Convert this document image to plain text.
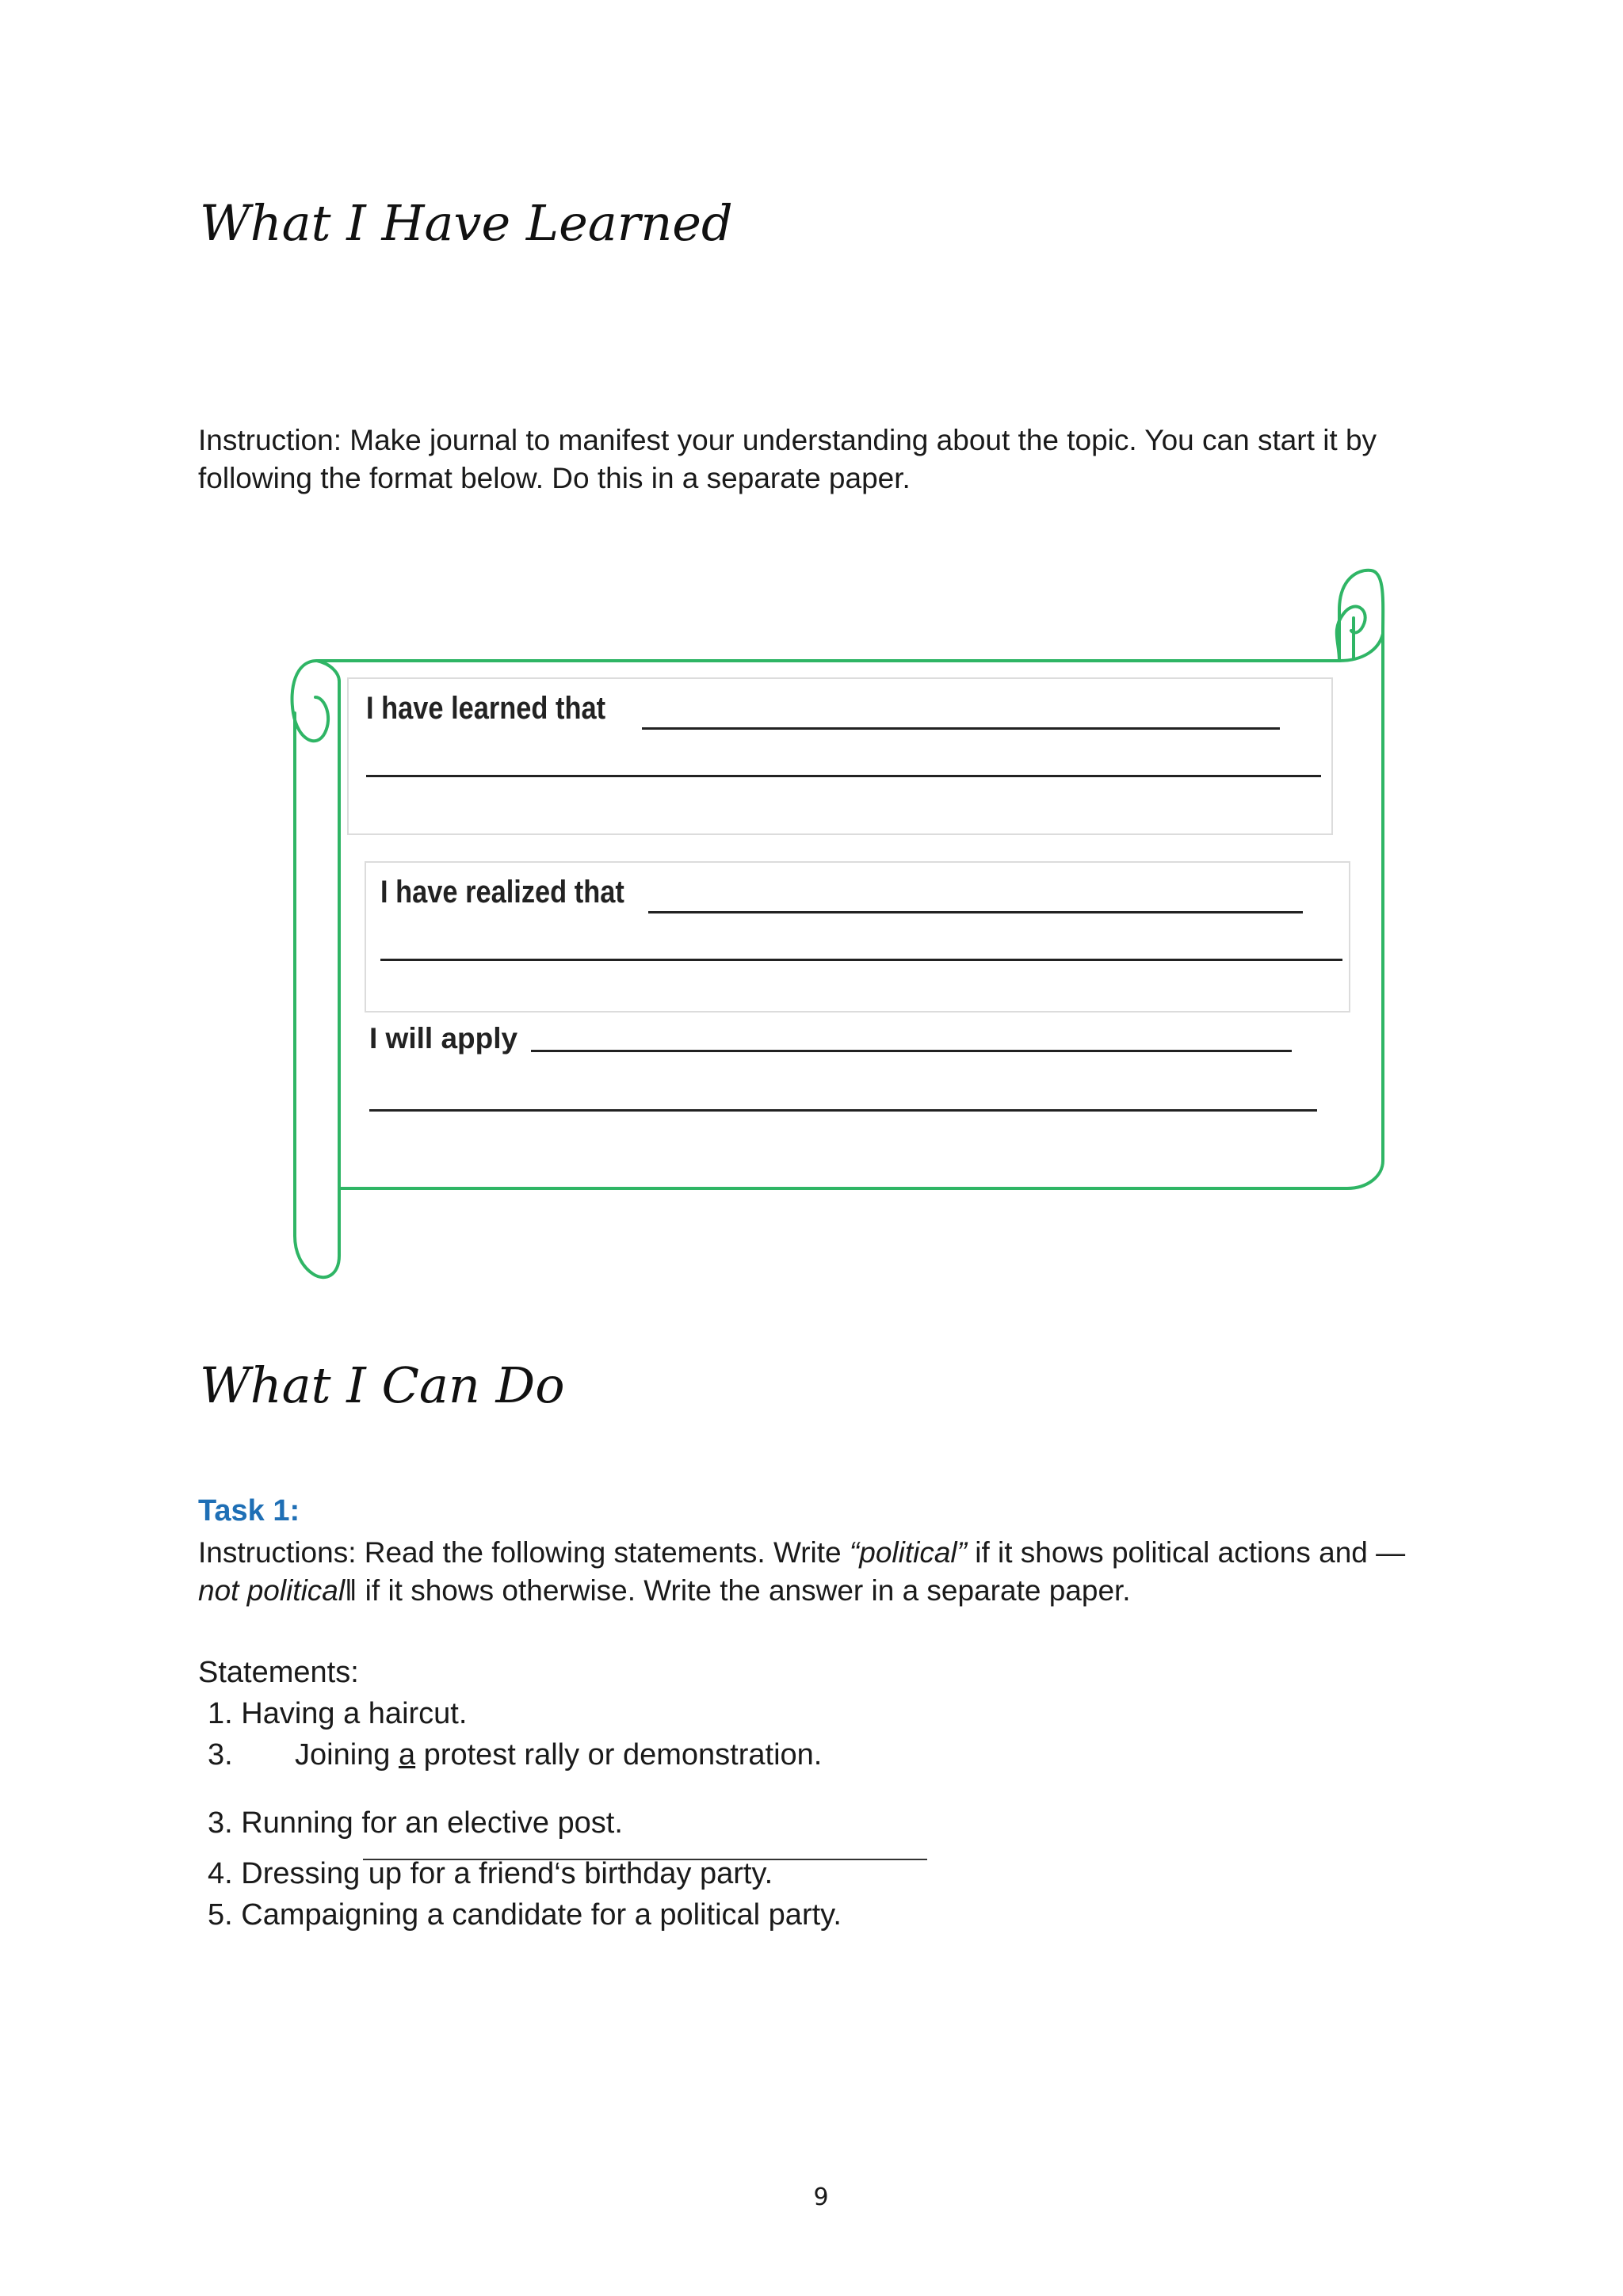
What I Have Learned

Instruction: Make journal to manifest your understanding about the topic. You can start it by following the format below. Do this in a separate paper.

I have learned that
I have realized that
I will apply
What I Can Do

Task 1:

Instructions: Read the following statements. Write “political” if it shows political actions and —not political‖ if it shows otherwise. Write the answer in a separate paper.

Statements:

1. Having a haircut.
3. Joining a protest rally or demonstration.
3. Running for an elective post.
4. Dressing up for a friend‘s birthday party.
5. Campaigning a candidate for a political party.
9
